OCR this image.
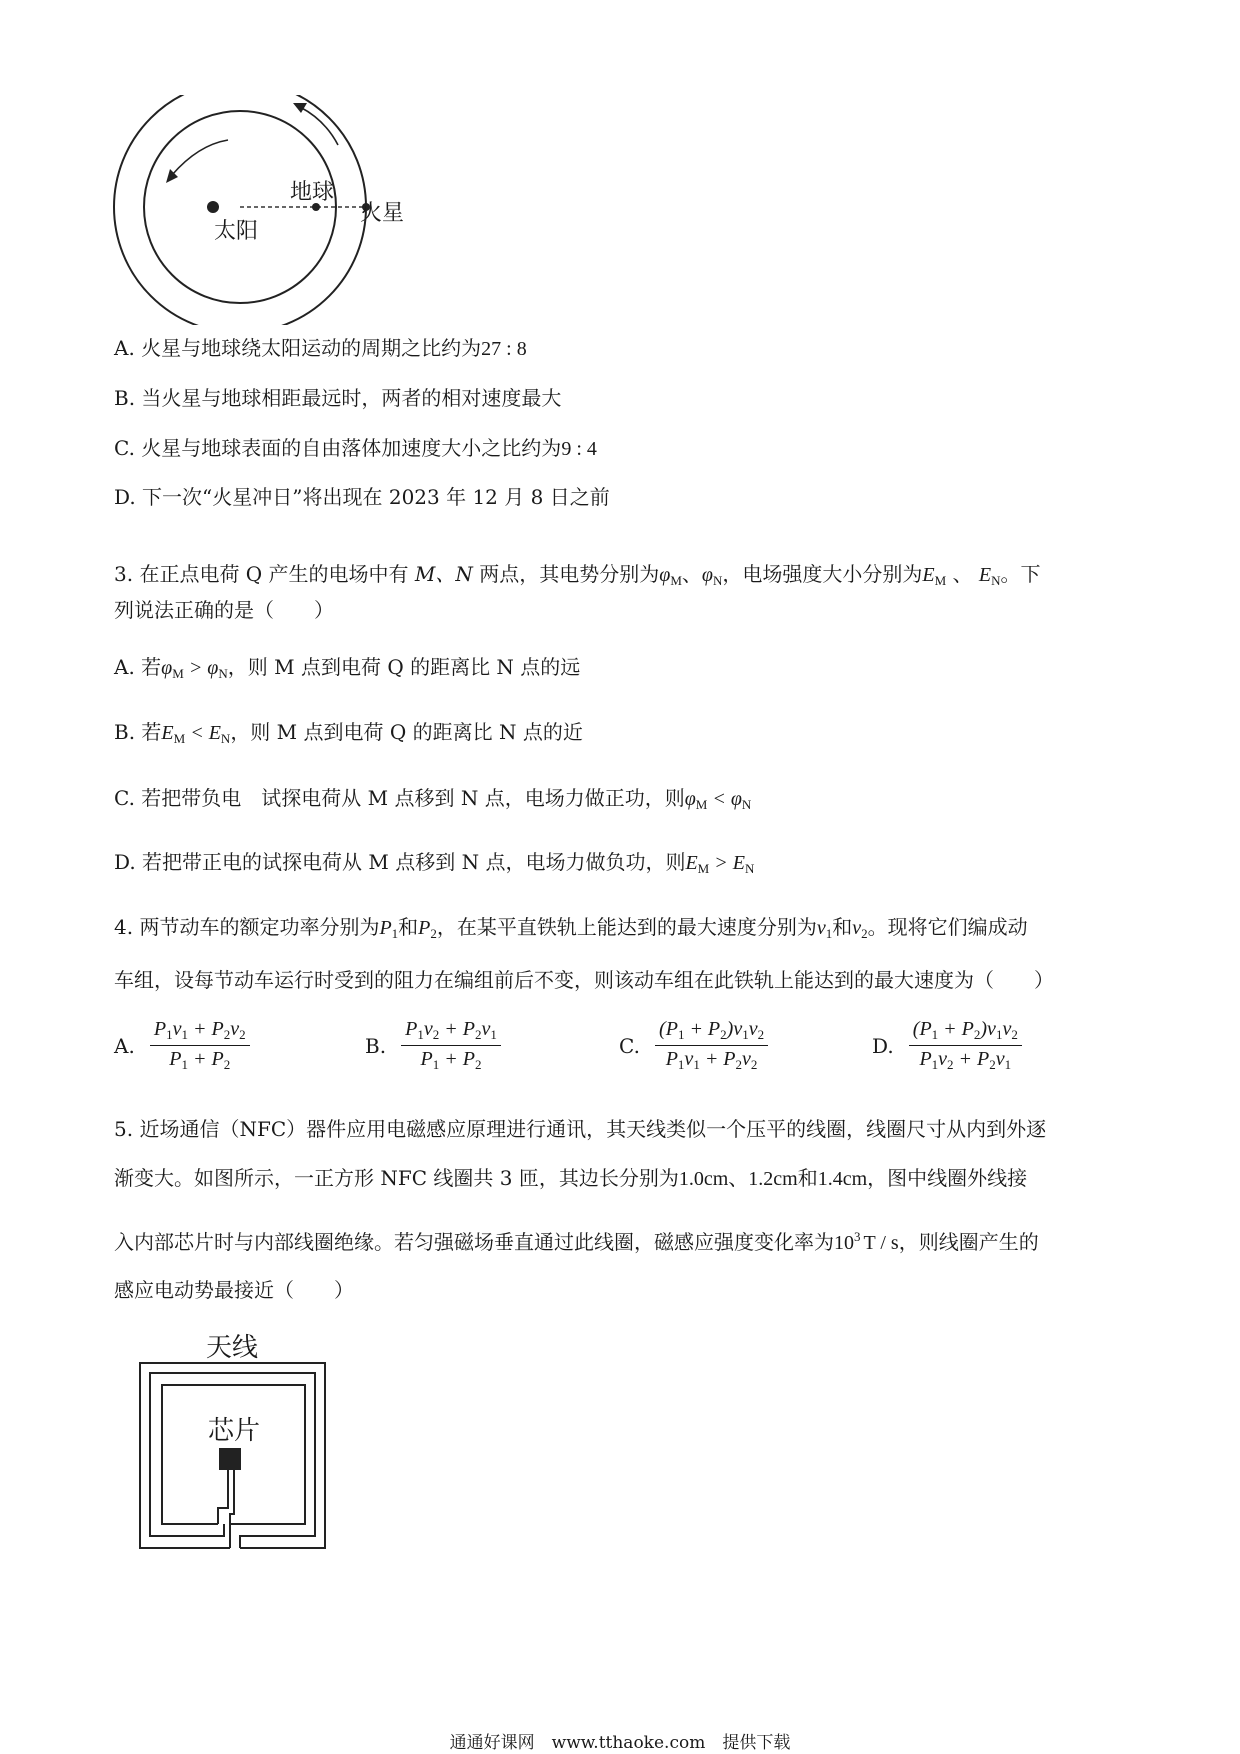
地球
火星
太阳
A. 火星与地球绕太阳运动的周期之比约为27 : 8
B. 当火星与地球相距最远时，两者的相对速度最大
C. 火星与地球表面的自由落体加速度大小之比约为9 : 4
D. 下一次“火星冲日”将出现在 2023 年 12 月 8 日之前
3. 在正点电荷 Q 产生的电场中有 M、N 两点，其电势分别为$\varphi_M$、$\varphi_N$，电场强度大小分别为$E_M$ 、 $E_N$。下
列说法正确的是（　　）
A. 若$\varphi_M > \varphi_N$，则 M 点到电荷 Q 的距离比 N 点的远
B. 若$E_M < E_N$，则 M 点到电荷 Q 的距离比 N 点的近
C. 若把带负电　试探电荷从 M 点移到 N 点，电场力做正功，则$\varphi_M < \varphi_N$
D. 若把带正电的试探电荷从 M 点移到 N 点，电场力做负功，则$E_M > E_N$
4. 两节动车的额定功率分别为$P_1$和$P_2$，在某平直铁轨上能达到的最大速度分别为$v_1$和$v_2$。现将它们编成动
车组，设每节动车运行时受到的阻力在编组前后不变，则该动车组在此铁轨上能达到的最大速度为（　　）
A. $\frac{P_1v_1 + P_2v_2}{P_1 + P_2}$	B. $\frac{P_1v_2 + P_2v_1}{P_1 + P_2}$	C. $\frac{(P_1 + P_2)v_1v_2}{P_1v_1 + P_2v_2}$	D. $\frac{(P_1 + P_2)v_1v_2}{P_1v_2 + P_2v_1}$
5. 近场通信（NFC）器件应用电磁感应原理进行通讯，其天线类似一个压平的线圈，线圈尺寸从内到外逐
渐变大。如图所示，一正方形 NFC 线圈共 3 匝，其边长分别为1.0cm、1.2cm和1.4cm，图中线圈外线接
入内部芯片时与内部线圈绝缘。若匀强磁场垂直通过此线圈，磁感应强度变化率为$10^3$ T / s，则线圈产生的
感应电动势最接近（　　）
天线
芯片
通通好课网　www.tthaoke.com　提供下载
